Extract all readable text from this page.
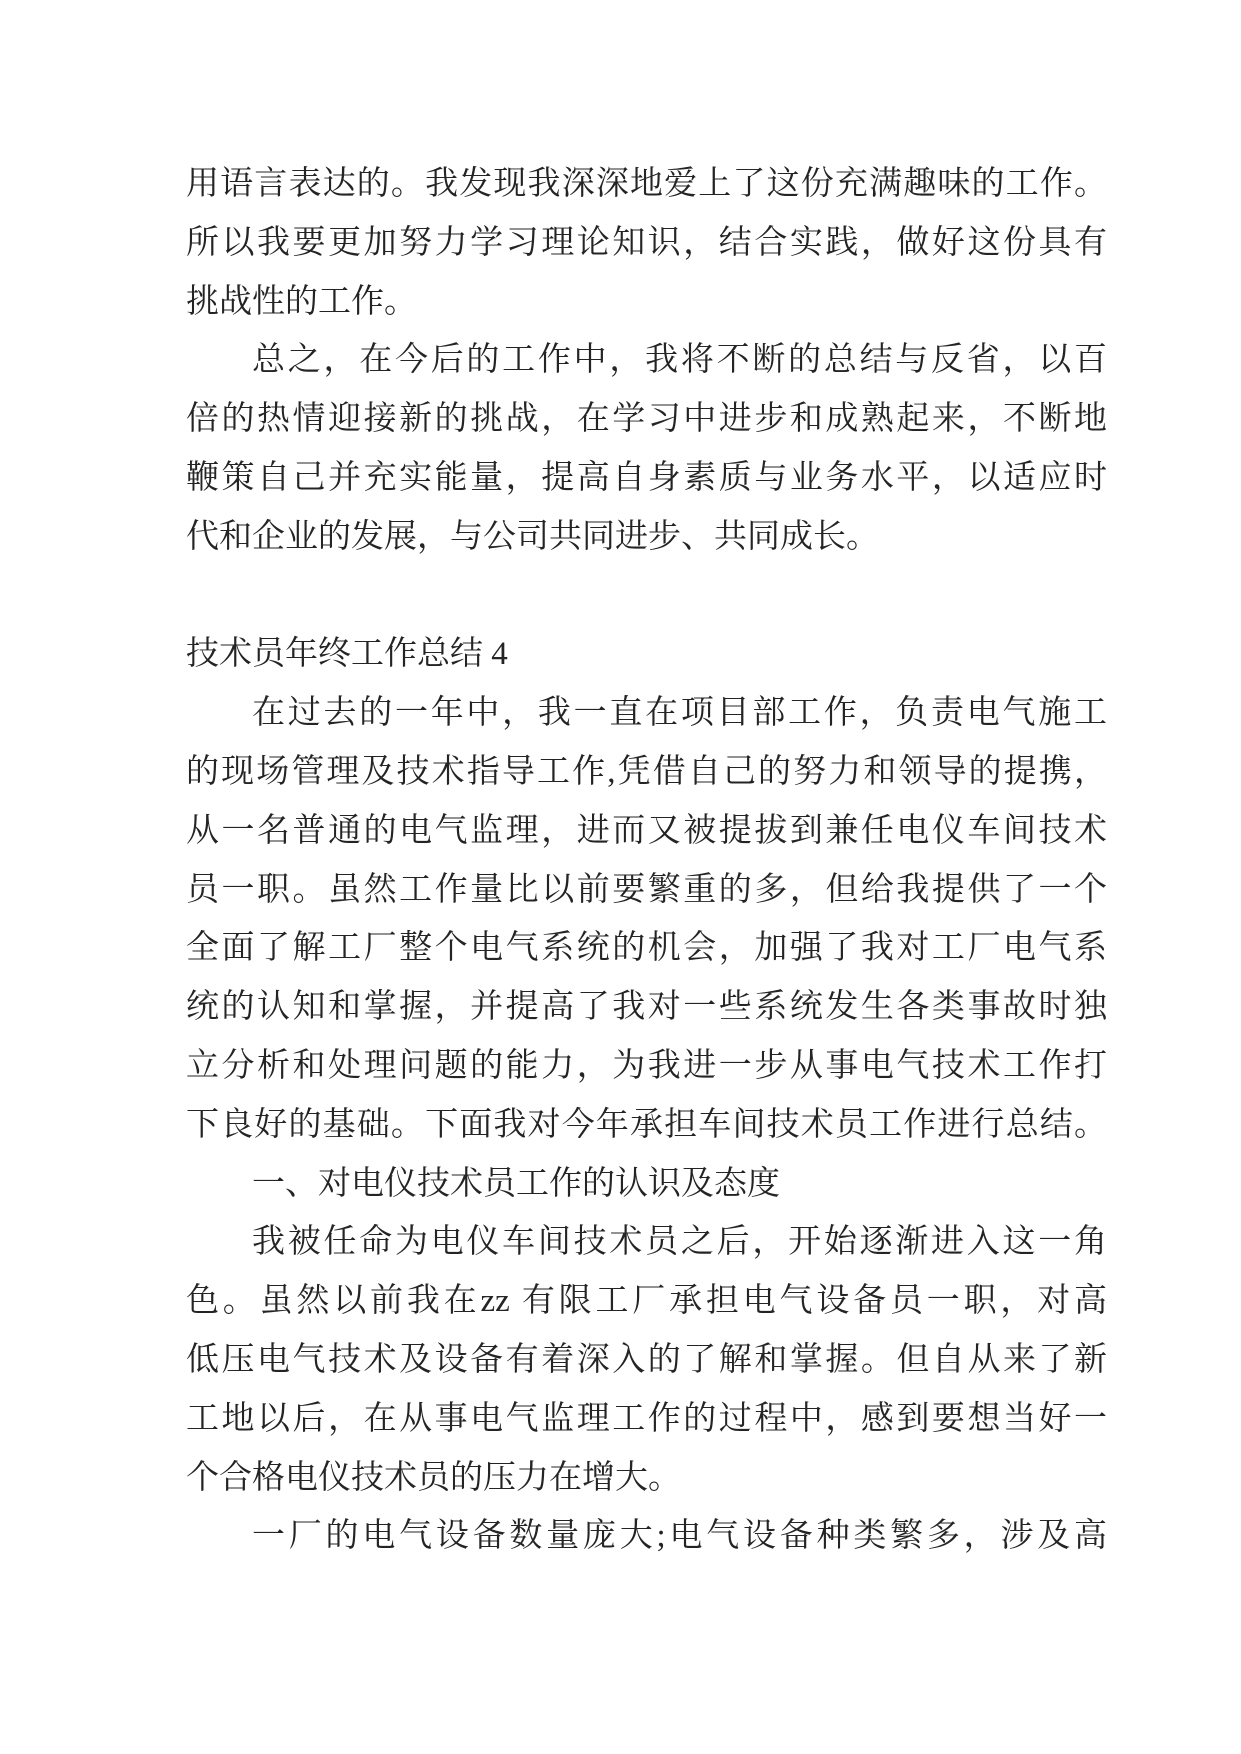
用语言表达的。我发现我深深地爱上了这份充满趣味的工作。
所以我要更加努力学习理论知识，结合实践，做好这份具有
挑战性的工作。
总之，在今后的工作中，我将不断的总结与反省，以百
倍的热情迎接新的挑战，在学习中进步和成熟起来，不断地
鞭策自己并充实能量，提高自身素质与业务水平，以适应时
代和企业的发展，与公司共同进步、共同成长。
技术员年终工作总结 4
在过去的一年中，我一直在项目部工作，负责电气施工
的现场管理及技术指导工作,凭借自己的努力和领导的提携，
从一名普通的电气监理，进而又被提拔到兼任电仪车间技术
员一职。虽然工作量比以前要繁重的多，但给我提供了一个
全面了解工厂整个电气系统的机会，加强了我对工厂电气系
统的认知和掌握，并提高了我对一些系统发生各类事故时独
立分析和处理问题的能力，为我进一步从事电气技术工作打
下良好的基础。下面我对今年承担车间技术员工作进行总结。
一、对电仪技术员工作的认识及态度
我被任命为电仪车间技术员之后，开始逐渐进入这一角
色。虽然以前我在zz 有限工厂承担电气设备员一职，对高
低压电气技术及设备有着深入的了解和掌握。但自从来了新
工地以后，在从事电气监理工作的过程中，感到要想当好一
个合格电仪技术员的压力在增大。
一厂的电气设备数量庞大;电气设备种类繁多，涉及高
